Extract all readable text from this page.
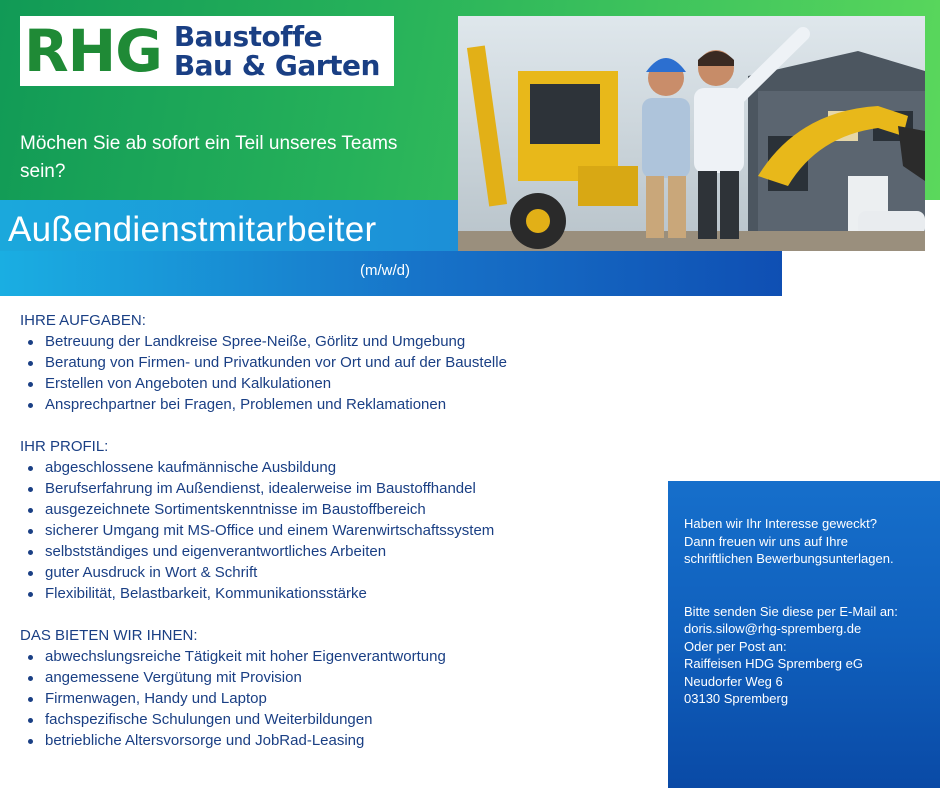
RHG Baustoffe
Bau & Garten
Möchen Sie ab sofort ein Teil unseres Teams sein?
Außendienstmitarbeiter
(m/w/d)
IHRE AUFGABEN:
Betreuung der Landkreise Spree-Neiße, Görlitz und Umgebung
Beratung von Firmen- und Privatkunden vor Ort und auf der Baustelle
Erstellen von Angeboten und Kalkulationen
Ansprechpartner bei Fragen, Problemen und Reklamationen
IHR PROFIL:
abgeschlossene kaufmännische Ausbildung
Berufserfahrung im Außendienst, idealerweise im Baustoffhandel
ausgezeichnete Sortimentskenntnisse im Baustoffbereich
sicherer Umgang mit MS-Office und einem Warenwirtschaftssystem
selbstständiges und eigenverantwortliches Arbeiten
guter Ausdruck in Wort & Schrift
Flexibilität, Belastbarkeit, Kommunikationsstärke
DAS BIETEN WIR IHNEN:
abwechslungsreiche Tätigkeit mit hoher Eigenverantwortung
angemessene Vergütung mit Provision
Firmenwagen, Handy und Laptop
fachspezifische Schulungen und Weiterbildungen
betriebliche Altersvorsorge und JobRad-Leasing
Haben wir Ihr Interesse geweckt?
Dann freuen wir uns auf Ihre
schriftlichen Bewerbungsunterlagen.
Bitte senden Sie diese per E-Mail an:
doris.silow@rhg-spremberg.de
Oder per Post an:
Raiffeisen HDG Spremberg eG
Neudorfer Weg 6
03130 Spremberg
